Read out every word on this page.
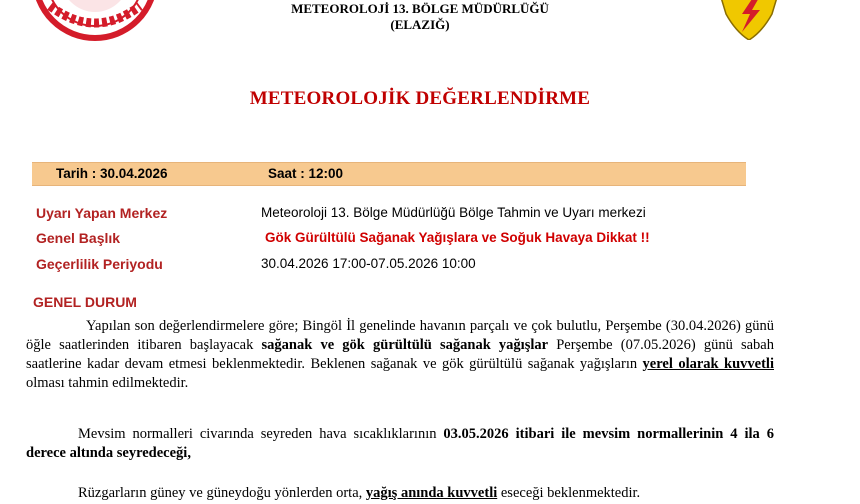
METEOROLOJİ 13. BÖLGE MÜDÜRLÜĞÜ
(ELAZIĞ)
METEOROLOJİK DEĞERLENDİRME
Tarih : 30.04.2026	Saat : 12:00
Uyarı Yapan Merkez	Meteoroloji 13. Bölge Müdürlüğü Bölge Tahmin ve Uyarı merkezi
Genel Başlık	Gök Gürültülü Sağanak Yağışlara ve Soğuk Havaya Dikkat !!
Geçerlilik Periyodu	30.04.2026 17:00-07.05.2026 10:00
GENEL DURUM
Yapılan son değerlendirmelere göre; Bingöl İl genelinde havanın parçalı ve çok bulutlu, Perşembe (30.04.2026) günü öğle saatlerinden itibaren başlayacak sağanak ve gök gürültülü sağanak yağışlar Perşembe (07.05.2026) günü sabah saatlerine kadar devam etmesi beklenmektedir. Beklenen sağanak ve gök gürültülü sağanak yağışların yerel olarak kuvvetli olması tahmin edilmektedir.
Mevsim normalleri civarında seyreden hava sıcaklıklarının 03.05.2026 itibari ile mevsim normallerinin 4 ila 6 derece altında seyredeceği,
Rüzgarların güney ve güneydoğu yönlerden orta, yağış anında kuvvetli eseceği beklenmektedir.
